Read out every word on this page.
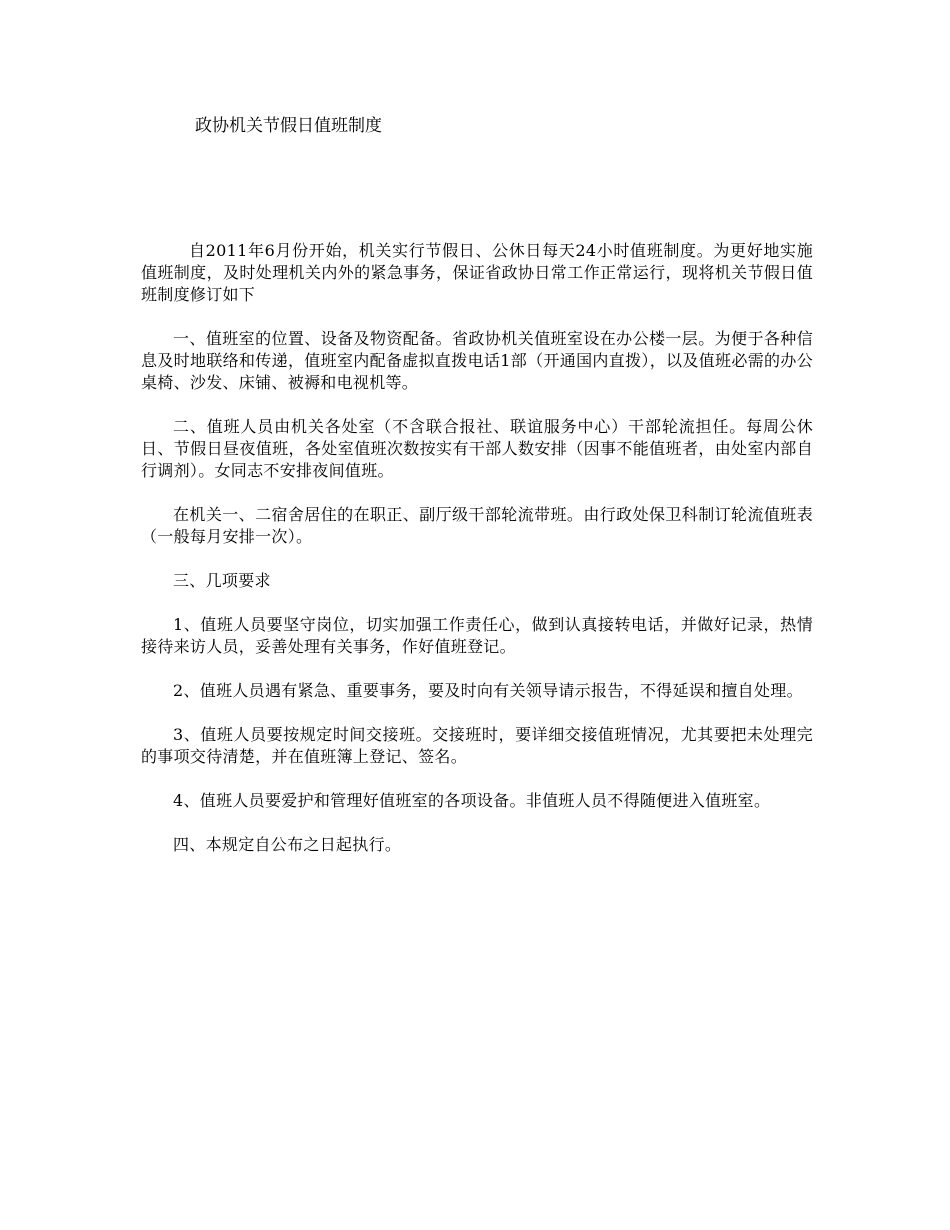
政协机关节假日值班制度

自2011年6月份开始，机关实行节假日、公休日每天24小时值班制度。为更好地实施值班制度，及时处理机关内外的紧急事务，保证省政协日常工作正常运行，现将机关节假日值班制度修订如下

一、值班室的位置、设备及物资配备。省政协机关值班室设在办公楼一层。为便于各种信息及时地联络和传递，值班室内配备虚拟直拨电话1部（开通国内直拨），以及值班必需的办公桌椅、沙发、床铺、被褥和电视机等。

二、值班人员由机关各处室（不含联合报社、联谊服务中心）干部轮流担任。每周公休日、节假日昼夜值班，各处室值班次数按实有干部人数安排（因事不能值班者，由处室内部自行调剂）。女同志不安排夜间值班。

在机关一、二宿舍居住的在职正、副厅级干部轮流带班。由行政处保卫科制订轮流值班表（一般每月安排一次）。

三、几项要求

1、值班人员要坚守岗位，切实加强工作责任心，做到认真接转电话，并做好记录，热情接待来访人员，妥善处理有关事务，作好值班登记。

2、值班人员遇有紧急、重要事务，要及时向有关领导请示报告，不得延误和擅自处理。

3、值班人员要按规定时间交接班。交接班时，要详细交接值班情况，尤其要把未处理完的事项交待清楚，并在值班簿上登记、签名。

4、值班人员要爱护和管理好值班室的各项设备。非值班人员不得随便进入值班室。

四、本规定自公布之日起执行。
